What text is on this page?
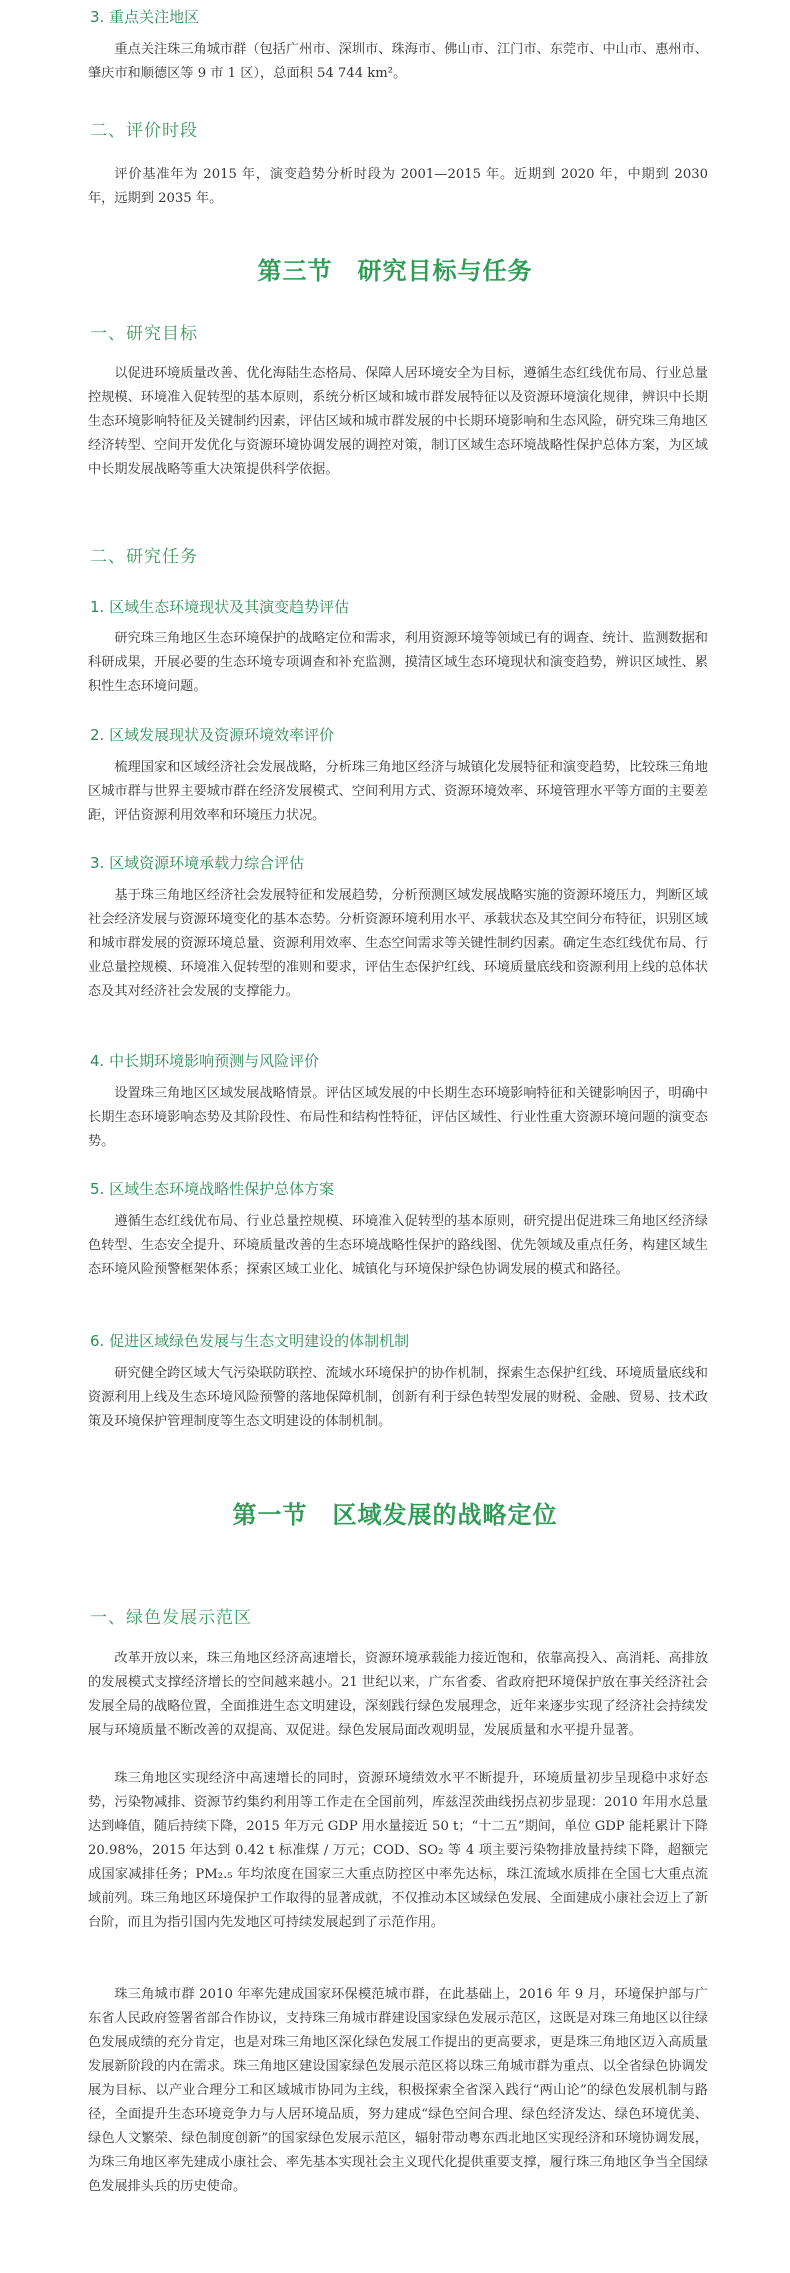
3. 重点关注地区

重点关注珠三角城市群（包括广州市、深圳市、珠海市、佛山市、江门市、东莞市、中山市、惠州市、肇庆市和顺德区等 9 市 1 区），总面积 54 744 km²。

二、评价时段

评价基准年为 2015 年，演变趋势分析时段为 2001—2015 年。近期到 2020 年，中期到 2030 年，远期到 2035 年。

第三节　研究目标与任务
一、研究目标

以促进环境质量改善、优化海陆生态格局、保障人居环境安全为目标，遵循生态红线优布局、行业总量控规模、环境准入促转型的基本原则，系统分析区域和城市群发展特征以及资源环境演化规律，辨识中长期生态环境影响特征及关键制约因素，评估区域和城市群发展的中长期环境影响和生态风险，研究珠三角地区经济转型、空间开发优化与资源环境协调发展的调控对策，制订区域生态环境战略性保护总体方案，为区域中长期发展战略等重大决策提供科学依据。

二、研究任务
1. 区域生态环境现状及其演变趋势评估

研究珠三角地区生态环境保护的战略定位和需求，利用资源环境等领域已有的调查、统计、监测数据和科研成果，开展必要的生态环境专项调查和补充监测，摸清区域生态环境现状和演变趋势，辨识区域性、累积性生态环境问题。

2. 区域发展现状及资源环境效率评价

梳理国家和区域经济社会发展战略，分析珠三角地区经济与城镇化发展特征和演变趋势，比较珠三角地区城市群与世界主要城市群在经济发展模式、空间利用方式、资源环境效率、环境管理水平等方面的主要差距，评估资源利用效率和环境压力状况。

3. 区域资源环境承载力综合评估

基于珠三角地区经济社会发展特征和发展趋势，分析预测区域发展战略实施的资源环境压力，判断区域社会经济发展与资源环境变化的基本态势。分析资源环境利用水平、承载状态及其空间分布特征，识别区域和城市群发展的资源环境总量、资源利用效率、生态空间需求等关键性制约因素。确定生态红线优布局、行业总量控规模、环境准入促转型的准则和要求，评估生态保护红线、环境质量底线和资源利用上线的总体状态及其对经济社会发展的支撑能力。

4. 中长期环境影响预测与风险评价

设置珠三角地区区域发展战略情景。评估区域发展的中长期生态环境影响特征和关键影响因子，明确中长期生态环境影响态势及其阶段性、布局性和结构性特征，评估区域性、行业性重大资源环境问题的演变态势。

5. 区域生态环境战略性保护总体方案

遵循生态红线优布局、行业总量控规模、环境准入促转型的基本原则，研究提出促进珠三角地区经济绿色转型、生态安全提升、环境质量改善的生态环境战略性保护的路线图、优先领域及重点任务，构建区域生态环境风险预警框架体系；探索区域工业化、城镇化与环境保护绿色协调发展的模式和路径。

6. 促进区域绿色发展与生态文明建设的体制机制

研究健全跨区域大气污染联防联控、流域水环境保护的协作机制，探索生态保护红线、环境质量底线和资源利用上线及生态环境风险预警的落地保障机制，创新有利于绿色转型发展的财税、金融、贸易、技术政策及环境保护管理制度等生态文明建设的体制机制。

第一节　区域发展的战略定位
一、绿色发展示范区

改革开放以来，珠三角地区经济高速增长，资源环境承载能力接近饱和，依靠高投入、高消耗、高排放的发展模式支撑经济增长的空间越来越小。21 世纪以来，广东省委、省政府把环境保护放在事关经济社会发展全局的战略位置，全面推进生态文明建设，深刻践行绿色发展理念，近年来逐步实现了经济社会持续发展与环境质量不断改善的双提高、双促进。绿色发展局面改观明显，发展质量和水平提升显著。

珠三角地区实现经济中高速增长的同时，资源环境绩效水平不断提升，环境质量初步呈现稳中求好态势，污染物减排、资源节约集约利用等工作走在全国前列，库兹涅茨曲线拐点初步显现：2010 年用水总量达到峰值，随后持续下降，2015 年万元 GDP 用水量接近 50 t；“十二五”期间，单位 GDP 能耗累计下降 20.98%，2015 年达到 0.42 t 标准煤 / 万元；COD、SO₂ 等 4 项主要污染物排放量持续下降，超额完成国家减排任务；PM₂.₅ 年均浓度在国家三大重点防控区中率先达标，珠江流域水质排在全国七大重点流域前列。珠三角地区环境保护工作取得的显著成就，不仅推动本区域绿色发展、全面建成小康社会迈上了新台阶，而且为指引国内先发地区可持续发展起到了示范作用。

珠三角城市群 2010 年率先建成国家环保模范城市群，在此基础上，2016 年 9 月，环境保护部与广东省人民政府签署省部合作协议，支持珠三角城市群建设国家绿色发展示范区，这既是对珠三角地区以往绿色发展成绩的充分肯定，也是对珠三角地区深化绿色发展工作提出的更高要求，更是珠三角地区迈入高质量发展新阶段的内在需求。珠三角地区建设国家绿色发展示范区将以珠三角城市群为重点、以全省绿色协调发展为目标、以产业合理分工和区域城市协同为主线，积极探索全省深入践行“两山论”的绿色发展机制与路径，全面提升生态环境竞争力与人居环境品质，努力建成“绿色空间合理、绿色经济发达、绿色环境优美、绿色人文繁荣、绿色制度创新”的国家绿色发展示范区，辐射带动粤东西北地区实现经济和环境协调发展，为珠三角地区率先建成小康社会、率先基本实现社会主义现代化提供重要支撑，履行珠三角地区争当全国绿色发展排头兵的历史使命。
